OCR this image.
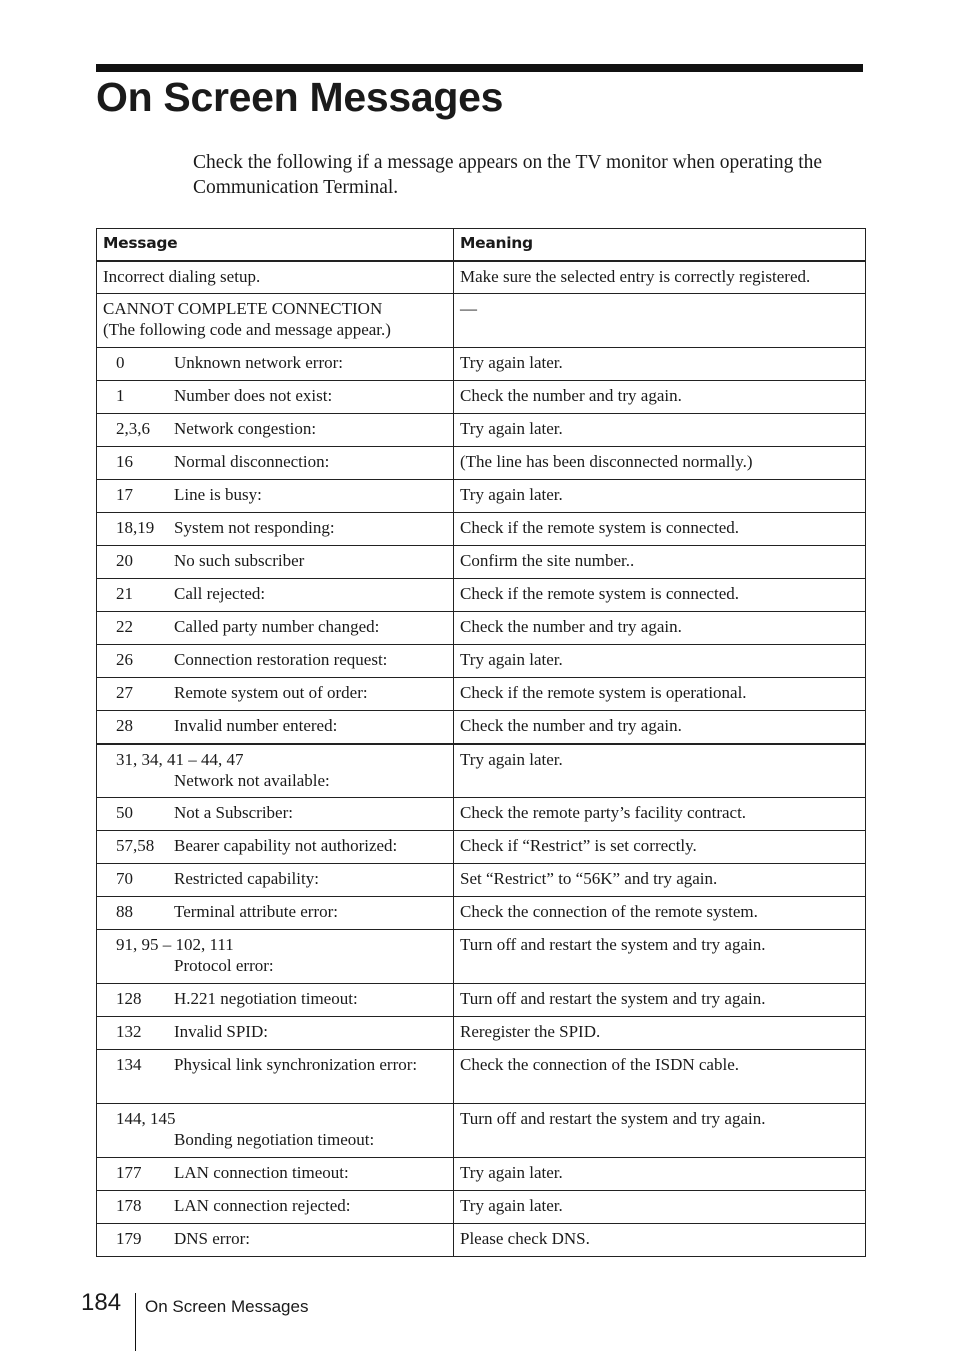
On Screen Messages

Check the following if a message appears on the TV monitor when operating the Communication Terminal.

Message	Meaning
Incorrect dialing setup.	Make sure the selected entry is correctly registered.
CANNOT COMPLETE CONNECTION
(The following code and message appear.)	—
0 Unknown network error:	Try again later.
1 Number does not exist:	Check the number and try again.
2,3,6 Network congestion:	Try again later.
16 Normal disconnection:	(The line has been disconnected normally.)
17 Line is busy:	Try again later.
18,19 System not responding:	Check if the remote system is connected.
20 No such subscriber	Confirm the site number..
21 Call rejected:	Check if the remote system is connected.
22 Called party number changed:	Check the number and try again.
26 Connection restoration request:	Try again later.
27 Remote system out of order:	Check if the remote system is operational.
28 Invalid number entered:	Check the number and try again.
31, 34, 41 – 44, 47
Network not available:	Try again later.
50 Not a Subscriber:	Check the remote party’s facility contract.
57,58 Bearer capability not authorized:	Check if “Restrict” is set correctly.
70 Restricted capability:	Set “Restrict” to “56K” and try again.
88 Terminal attribute error:	Check the connection of the remote system.
91, 95 – 102, 111
Protocol error:	Turn off and restart the system and try again.
128 H.221 negotiation timeout:	Turn off and restart the system and try again.
132 Invalid SPID:	Reregister the SPID.
134 Physical link synchronization error:	Check the connection of the ISDN cable.
144, 145
Bonding negotiation timeout:	Turn off and restart the system and try again.
177 LAN connection timeout:	Try again later.
178 LAN connection rejected:	Try again later.
179 DNS error:	Please check DNS.
184 On Screen Messages
